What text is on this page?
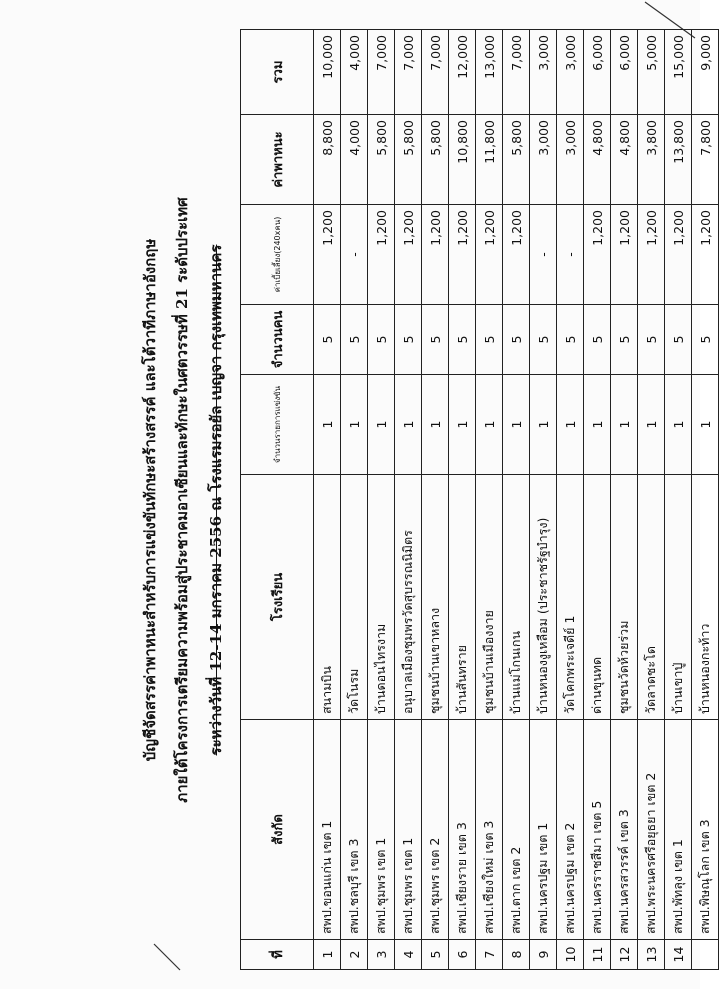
บัญชีจัดสรรค่าพาหนะสำหรับการแข่งขันทักษะสร้างสรรค์ และโต้วาทีภาษาอังกฤษ ภายใต้โครงการเตรียมความพร้อมสู่ประชาคมอาเซียนและทักษะในศตวรรษที่ 21 ระดับประเทศ ระหว่างวันที่ 12-14 มกราคม 2556 ณ โรงแรมรอยัล เบญจา กรุงเทพมหานคร
ที่	สังกัด	โรงเรียน	จำนวนรายการแข่งขัน	จำนวนคน	ค่าเบี้ยเลี้ยง(240xคน)	ค่าพาหนะ	รวม
1	สพป.ขอนแก่น เขต 1	สนามบิน	1	5	1,200	8,800	10,000
2	สพป.ชลบุรี เขต 3	วัดโนรม	1	5	-	4,000	4,000
3	สพป.ชุมพร เขต 1	บ้านดอนไทรงาม	1	5	1,200	5,800	7,000
4	สพป.ชุมพร เขต 1	อนุบาลเมืองชุมพรวัดสุบรรณนิมิตร	1	5	1,200	5,800	7,000
5	สพป.ชุมพร เขต 2	ชุมชนบ้านเขาหลาง	1	5	1,200	5,800	7,000
6	สพป.เชียงราย เขต 3	บ้านสันทราย	1	5	1,200	10,800	12,000
7	สพป.เชียงใหม่ เขต 3	ชุมชนบ้านเมืองงาย	1	5	1,200	11,800	13,000
8	สพป.ตาก เขต 2	บ้านแม่โกนเกน	1	5	1,200	5,800	7,000
9	สพป.นครปฐม เขต 1	บ้านหนองงูเหลือม (ประชาชรัฐบำรุง)	1	5	-	3,000	3,000
10	สพป.นครปฐม เขต 2	วัดโคกพระเจดีย์ 1	1	5	-	3,000	3,000
11	สพป.นครราชสีมา เขต 5	ด่านขุนทด	1	5	1,200	4,800	6,000
12	สพป.นครสวรรค์ เขต 3	ชุมชนวัดห้วยร่วม	1	5	1,200	4,800	6,000
13	สพป.พระนครศรีอยุธยา เขต 2	วัดลาดชะโด	1	5	1,200	3,800	5,000
14	สพป.พัทลุง เขต 1	บ้านเขาปู่	1	5	1,200	13,800	15,000
	สพป.พิษณุโลก เขต 3	บ้านหนองกะท้าว	1	5	1,200	7,800	9,000
